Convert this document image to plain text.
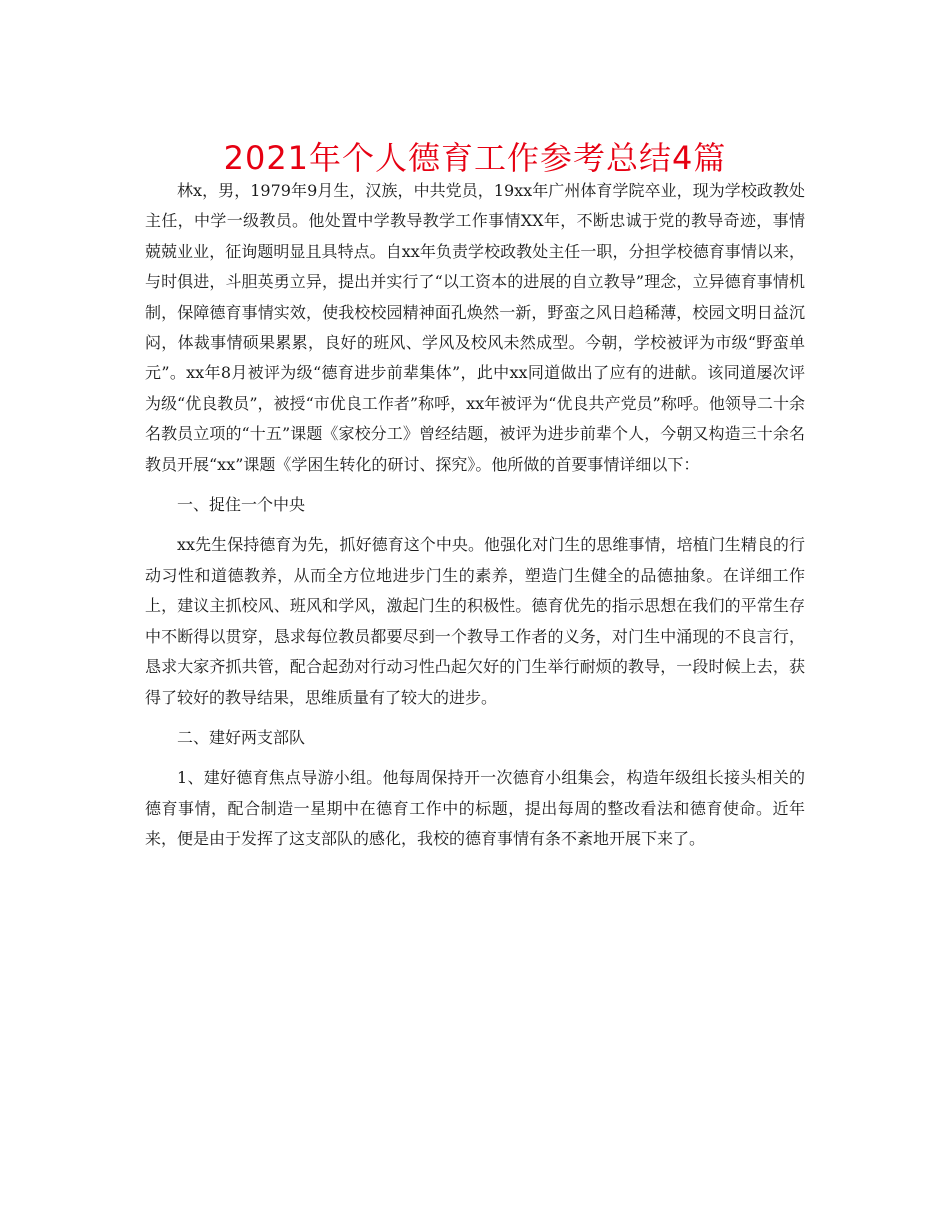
2021年个人德育工作参考总结4篇

林x，男，1979年9月生，汉族，中共党员，19xx年广州体育学院卒业，现为学校政教处主任，中学一级教员。他处置中学教导教学工作事情XX年，不断忠诚于党的教导奇迹，事情兢兢业业，征询题明显且具特点。自xx年负责学校政教处主任一职，分担学校德育事情以来，与时俱进，斗胆英勇立异，提出并实行了“以工资本的进展的自立教导”理念，立异德育事情机制，保障德育事情实效，使我校校园精神面孔焕然一新，野蛮之风日趋稀薄，校园文明日益沉闷，体裁事情硕果累累，良好的班风、学风及校风未然成型。今朝，学校被评为市级“野蛮单元”。xx年8月被评为级“德育进步前辈集体”，此中xx同道做出了应有的进献。该同道屡次评为级“优良教员”，被授“市优良工作者”称呼，xx年被评为“优良共产党员”称呼。他领导二十余名教员立项的“十五”课题《家校分工》曾经结题，被评为进步前辈个人，今朝又构造三十余名教员开展“xx”课题《学困生转化的研讨、探究》。他所做的首要事情详细以下：

一、捉住一个中央

xx先生保持德育为先，抓好德育这个中央。他强化对门生的思维事情，培植门生精良的行动习性和道德教养，从而全方位地进步门生的素养，塑造门生健全的品德抽象。在详细工作上，建议主抓校风、班风和学风，激起门生的积极性。德育优先的指示思想在我们的平常生存中不断得以贯穿，恳求每位教员都要尽到一个教导工作者的义务，对门生中涌现的不良言行，恳求大家齐抓共管，配合起劲对行动习性凸起欠好的门生举行耐烦的教导，一段时候上去，获得了较好的教导结果，思维质量有了较大的进步。

二、建好两支部队

1、建好德育焦点导游小组。他每周保持开一次德育小组集会，构造年级组长接头相关的德育事情，配合制造一星期中在德育工作中的标题，提出每周的整改看法和德育使命。近年来，便是由于发挥了这支部队的感化，我校的德育事情有条不紊地开展下来了。
